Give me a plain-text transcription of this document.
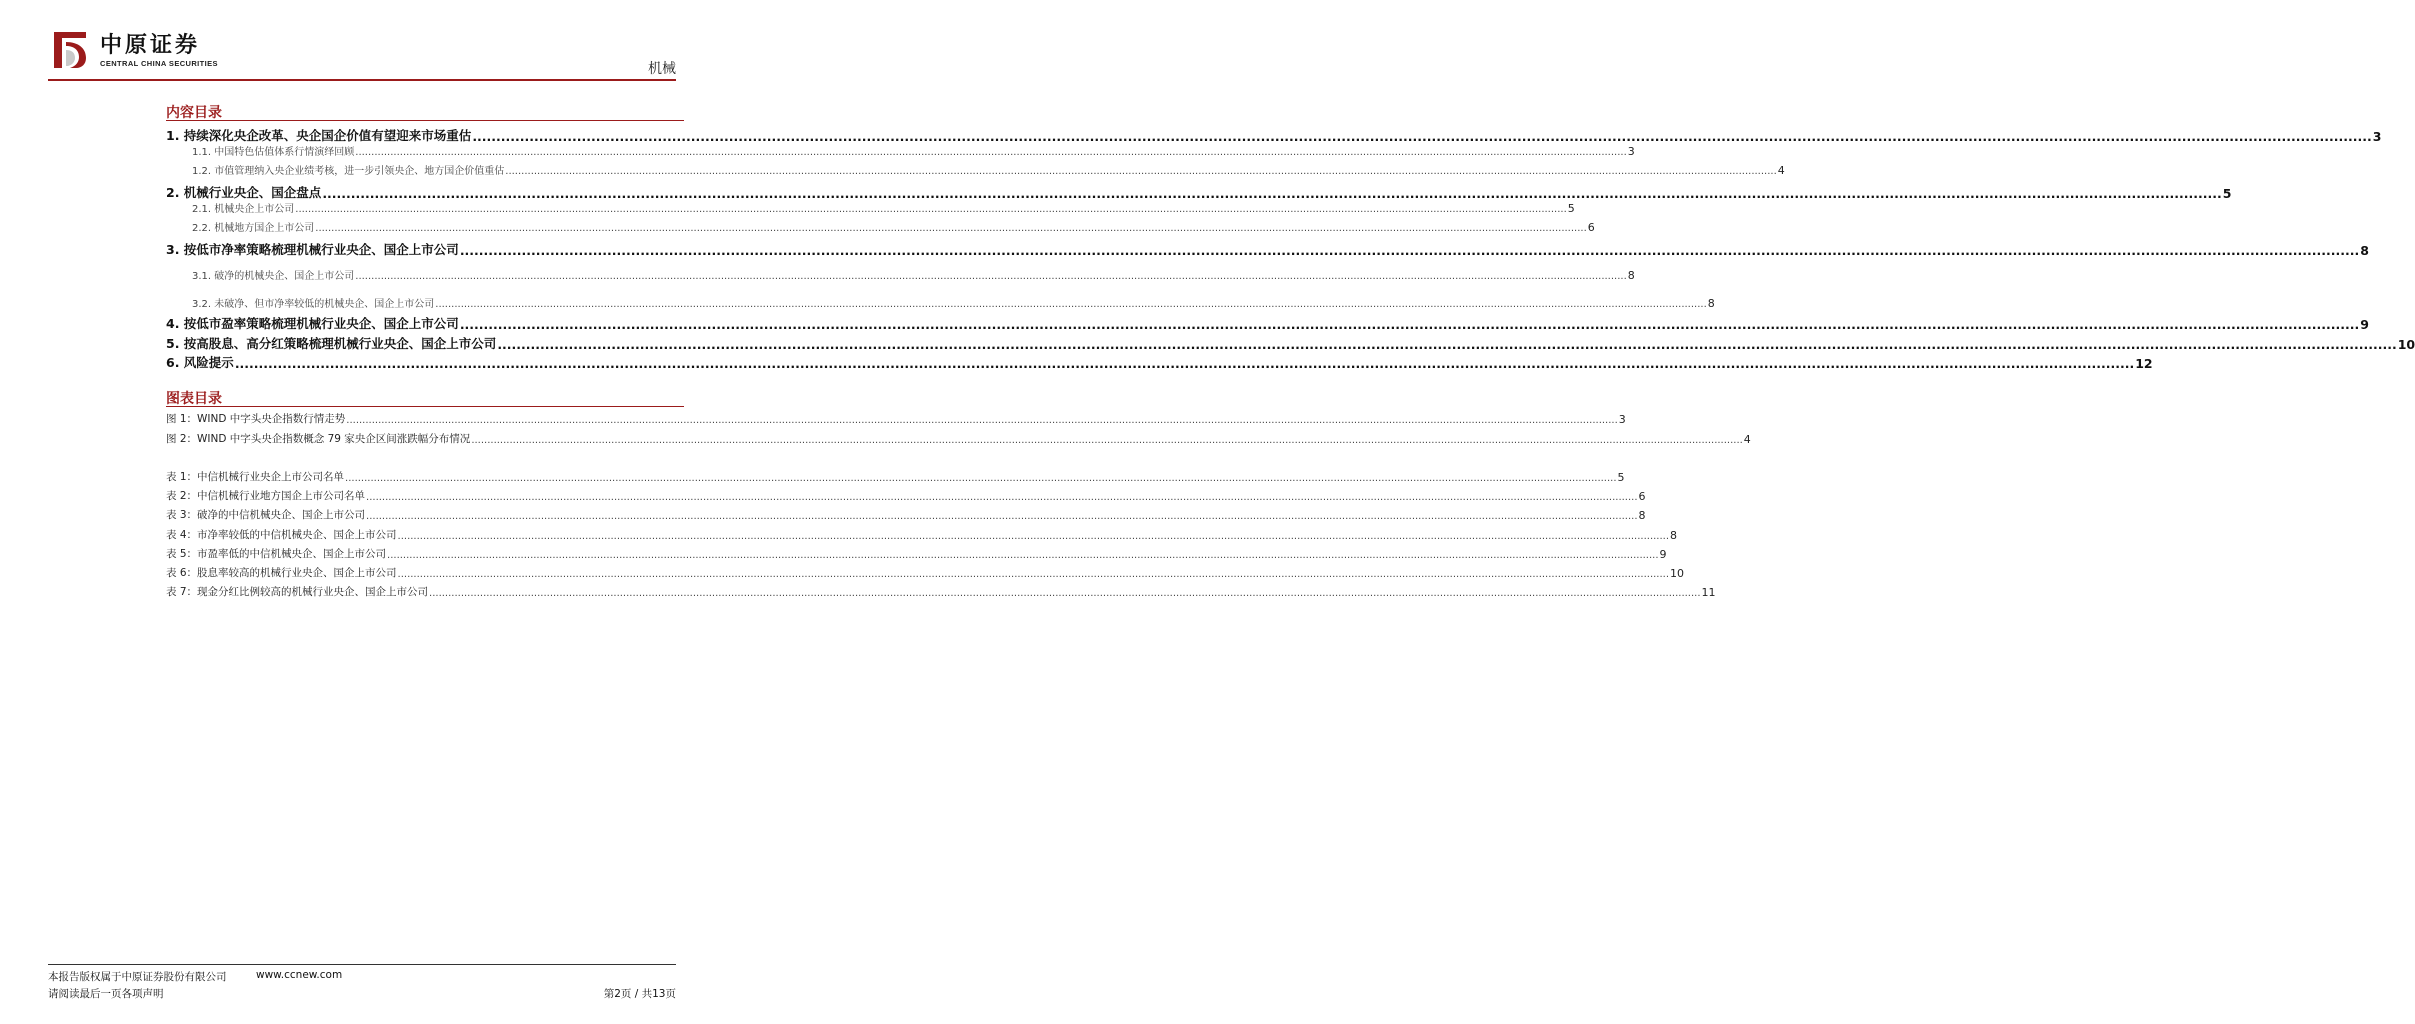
中原证券
CENTRAL CHINA SECURITIES	机械
内容目录
1. 持续深化央企改革、央企国企价值有望迎来市场重估 ................................................................................................................................................................................................................................................................................................................................................................................................................ 3
1.1. 中国特色估值体系行情演绎回顾 ................................................................................................................................................................................................................................................................................................................................................................................................................ 3
1.2. 市值管理纳入央企业绩考核，进一步引领央企、地方国企价值重估 ................................................................................................................................................................................................................................................................................................................................................................................................................ 4
2. 机械行业央企、国企盘点 ................................................................................................................................................................................................................................................................................................................................................................................................................ 5
2.1. 机械央企上市公司 ................................................................................................................................................................................................................................................................................................................................................................................................................ 5
2.2. 机械地方国企上市公司 ................................................................................................................................................................................................................................................................................................................................................................................................................ 6
3. 按低市净率策略梳理机械行业央企、国企上市公司 ................................................................................................................................................................................................................................................................................................................................................................................................................ 8
3.1. 破净的机械央企、国企上市公司 ................................................................................................................................................................................................................................................................................................................................................................................................................ 8
3.2. 未破净、但市净率较低的机械央企、国企上市公司 ................................................................................................................................................................................................................................................................................................................................................................................................................ 8
4. 按低市盈率策略梳理机械行业央企、国企上市公司 ................................................................................................................................................................................................................................................................................................................................................................................................................ 9
5. 按高股息、高分红策略梳理机械行业央企、国企上市公司 ................................................................................................................................................................................................................................................................................................................................................................................................................ 10
6. 风险提示 ................................................................................................................................................................................................................................................................................................................................................................................................................ 12
图表目录
图 1：WIND 中字头央企指数行情走势 ................................................................................................................................................................................................................................................................................................................................................................................................................ 3
图 2：WIND 中字头央企指数概念 79 家央企区间涨跌幅分布情况 ................................................................................................................................................................................................................................................................................................................................................................................................................ 4
表 1：中信机械行业央企上市公司名单 ................................................................................................................................................................................................................................................................................................................................................................................................................ 5
表 2：中信机械行业地方国企上市公司名单 ................................................................................................................................................................................................................................................................................................................................................................................................................ 6
表 3：破净的中信机械央企、国企上市公司 ................................................................................................................................................................................................................................................................................................................................................................................................................ 8
表 4：市净率较低的中信机械央企、国企上市公司 ................................................................................................................................................................................................................................................................................................................................................................................................................ 8
表 5：市盈率低的中信机械央企、国企上市公司 ................................................................................................................................................................................................................................................................................................................................................................................................................ 9
表 6：股息率较高的机械行业央企、国企上市公司 ................................................................................................................................................................................................................................................................................................................................................................................................................ 10
表 7：现金分红比例较高的机械行业央企、国企上市公司 ................................................................................................................................................................................................................................................................................................................................................................................................................ 11
本报告版权属于中原证券股份有限公司	www.ccnew.com
请阅读最后一页各项声明	第2页 / 共13页
